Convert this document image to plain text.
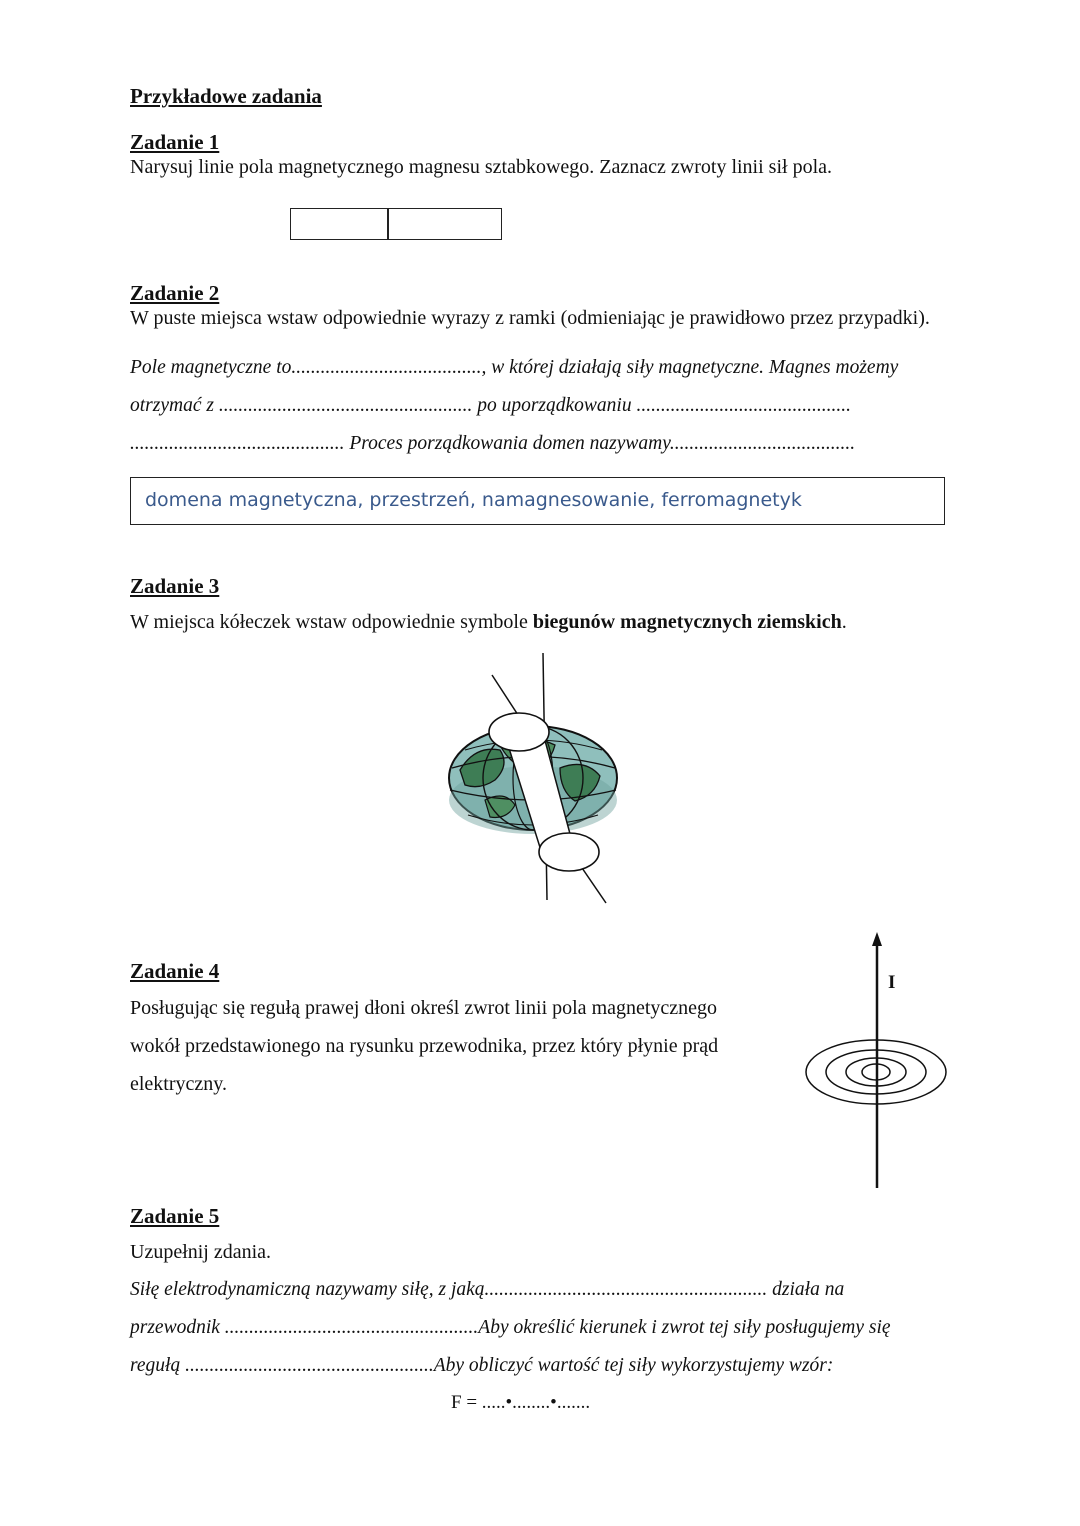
Przykładowe zadania
Zadanie 1
Narysuj linie pola magnetycznego magnesu sztabkowego. Zaznacz zwroty linii sił pola.
Zadanie 2
W puste miejsca wstaw odpowiednie wyrazy z ramki (odmieniając je prawidłowo przez przypadki).
Pole magnetyczne to......................................., w której działają siły magnetyczne. Magnes możemy
otrzymać z .................................................... po uporządkowaniu ............................................
............................................ Proces porządkowania domen nazywamy......................................
domena magnetyczna, przestrzeń, namagnesowanie, ferromagnetyk
Zadanie 3
W miejsca kółeczek wstaw odpowiednie symbole biegunów magnetycznych ziemskich.
Zadanie 4
Posługując się regułą prawej dłoni określ zwrot linii pola magnetycznego
wokół przedstawionego na rysunku przewodnika, przez który płynie prąd
elektryczny.
I
Zadanie 5
Uzupełnij zdania.
Siłę elektrodynamiczną nazywamy siłę, z jaką.......................................................... działa na
przewodnik ....................................................Aby określić kierunek i zwrot tej siły posługujemy się
regułą ...................................................Aby obliczyć wartość tej siły wykorzystujemy wzór:
F = .....•........•.......
